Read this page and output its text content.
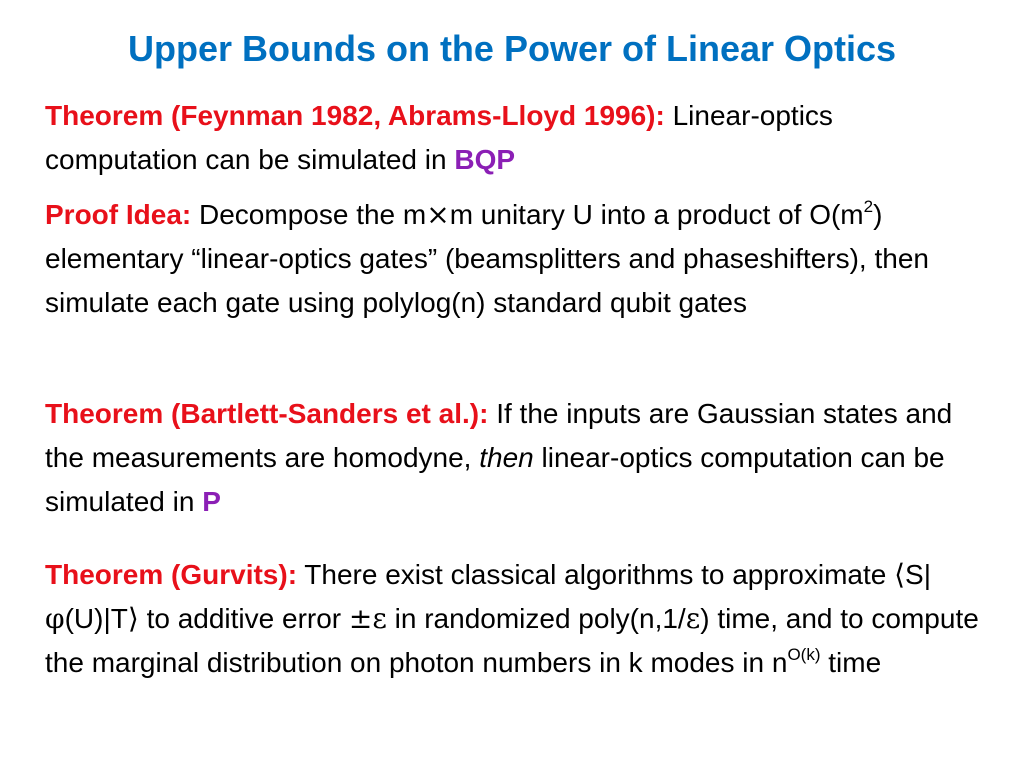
Upper Bounds on the Power of Linear Optics
Theorem (Feynman 1982, Abrams-Lloyd 1996): Linear-optics computation can be simulated in BQP
Proof Idea: Decompose the m×m unitary U into a product of $O(m^2)$ elementary “linear-optics gates” (beamsplitters and phaseshifters), then simulate each gate using polylog(n) standard qubit gates
Theorem (Bartlett-Sanders et al.): If the inputs are Gaussian states and the measurements are homodyne, then linear-optics computation can be simulated in P
Theorem (Gurvits): There exist classical algorithms to approximate ⟨S|φ(U)|T⟩ to additive error ±ε in randomized poly(n,1/ε) time, and to compute the marginal distribution on photon numbers in k modes in $n^{O(k)}$ time
